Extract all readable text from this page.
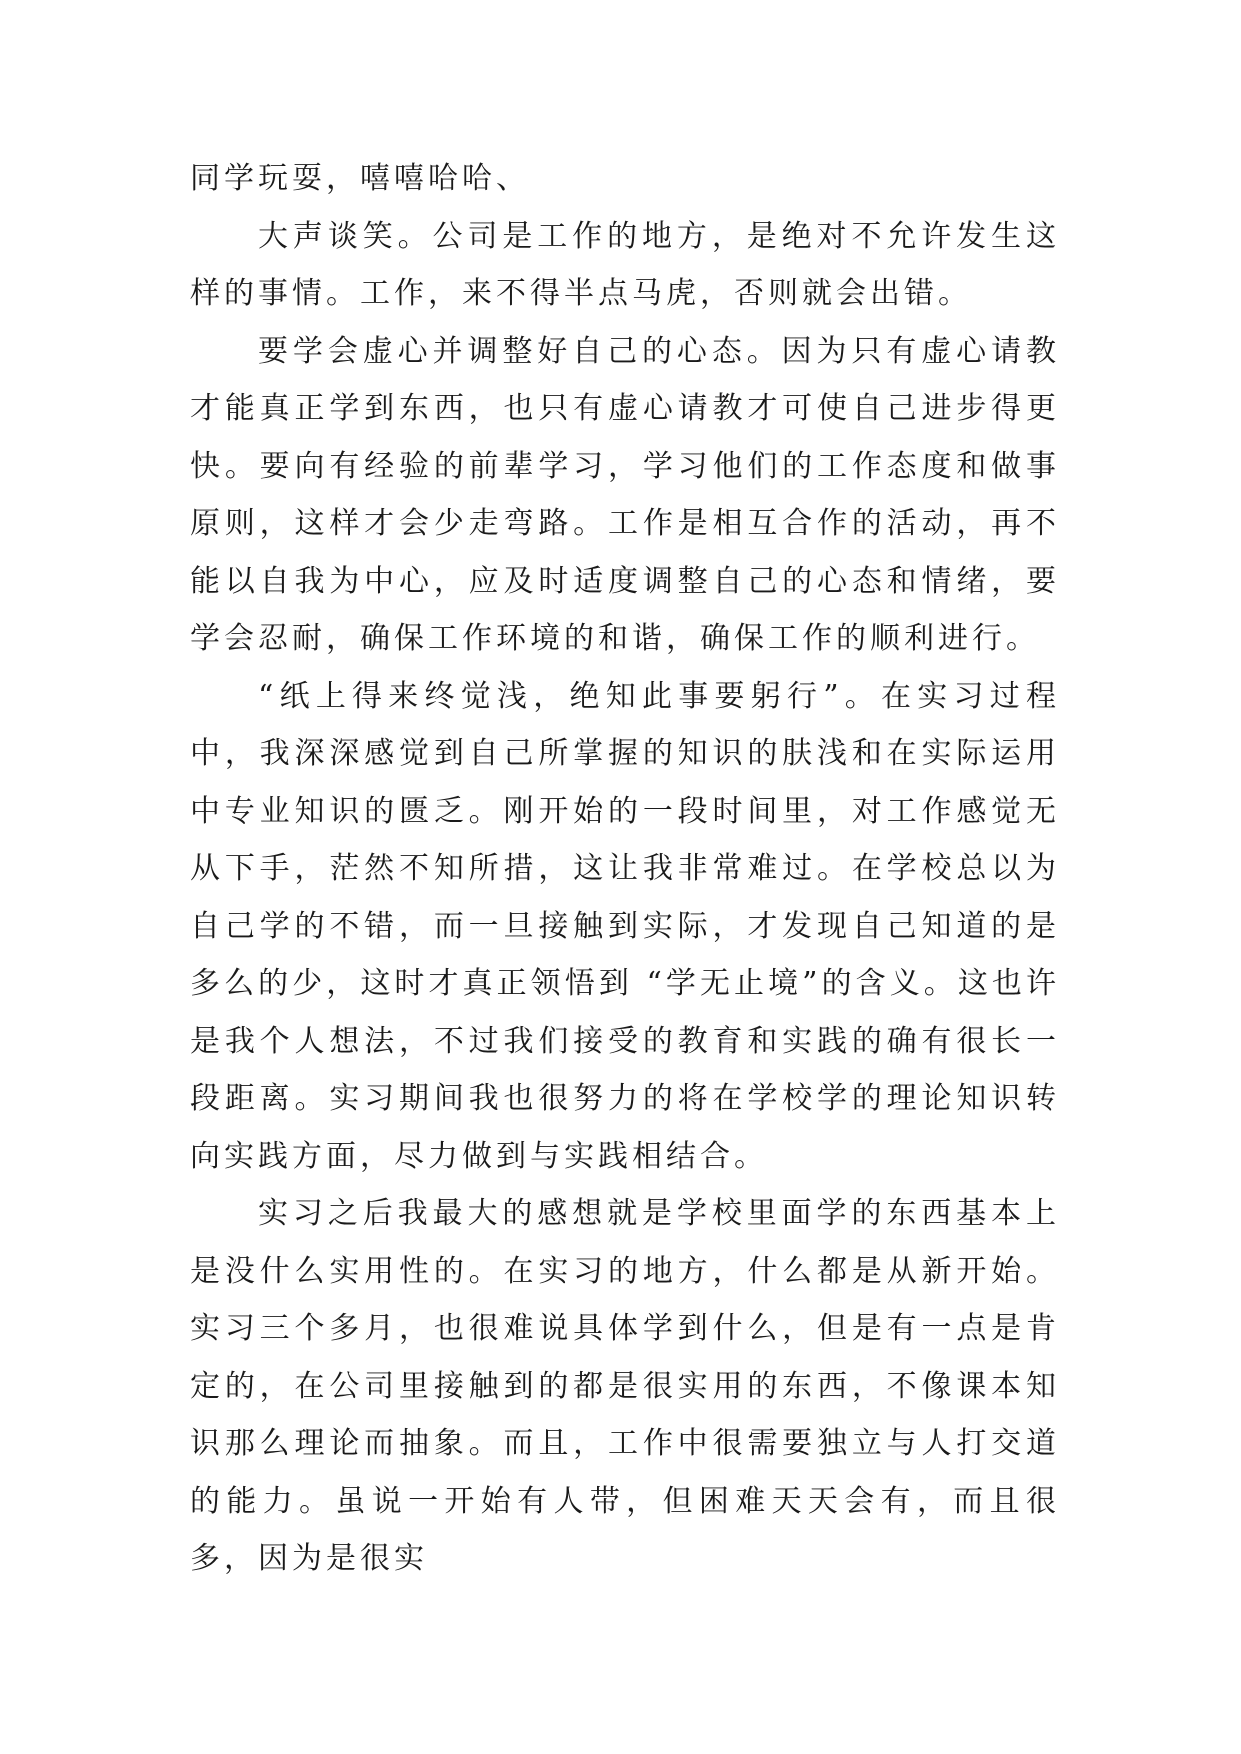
同学玩耍，嘻嘻哈哈、

大声谈笑。公司是工作的地方，是绝对不允许发生这样的事情。工作，来不得半点马虎，否则就会出错。

要学会虚心并调整好自己的心态。因为只有虚心请教才能真正学到东西，也只有虚心请教才可使自己进步得更快。要向有经验的前辈学习，学习他们的工作态度和做事原则，这样才会少走弯路。工作是相互合作的活动，再不能以自我为中心，应及时适度调整自己的心态和情绪，要学会忍耐，确保工作环境的和谐，确保工作的顺利进行。

“纸上得来终觉浅，绝知此事要躬行”。在实习过程中，我深深感觉到自己所掌握的知识的肤浅和在实际运用中专业知识的匮乏。刚开始的一段时间里，对工作感觉无从下手，茫然不知所措，这让我非常难过。在学校总以为自己学的不错，而一旦接触到实际，才发现自己知道的是多么的少，这时才真正领悟到 “学无止境”的含义。这也许是我个人想法，不过我们接受的教育和实践的确有很长一段距离。实习期间我也很努力的将在学校学的理论知识转向实践方面，尽力做到与实践相结合。

实习之后我最大的感想就是学校里面学的东西基本上是没什么实用性的。在实习的地方，什么都是从新开始。实习三个多月，也很难说具体学到什么，但是有一点是肯定的，在公司里接触到的都是很实用的东西，不像课本知识那么理论而抽象。而且，工作中很需要独立与人打交道的能力。虽说一开始有人带，但困难天天会有，而且很多，因为是很实
